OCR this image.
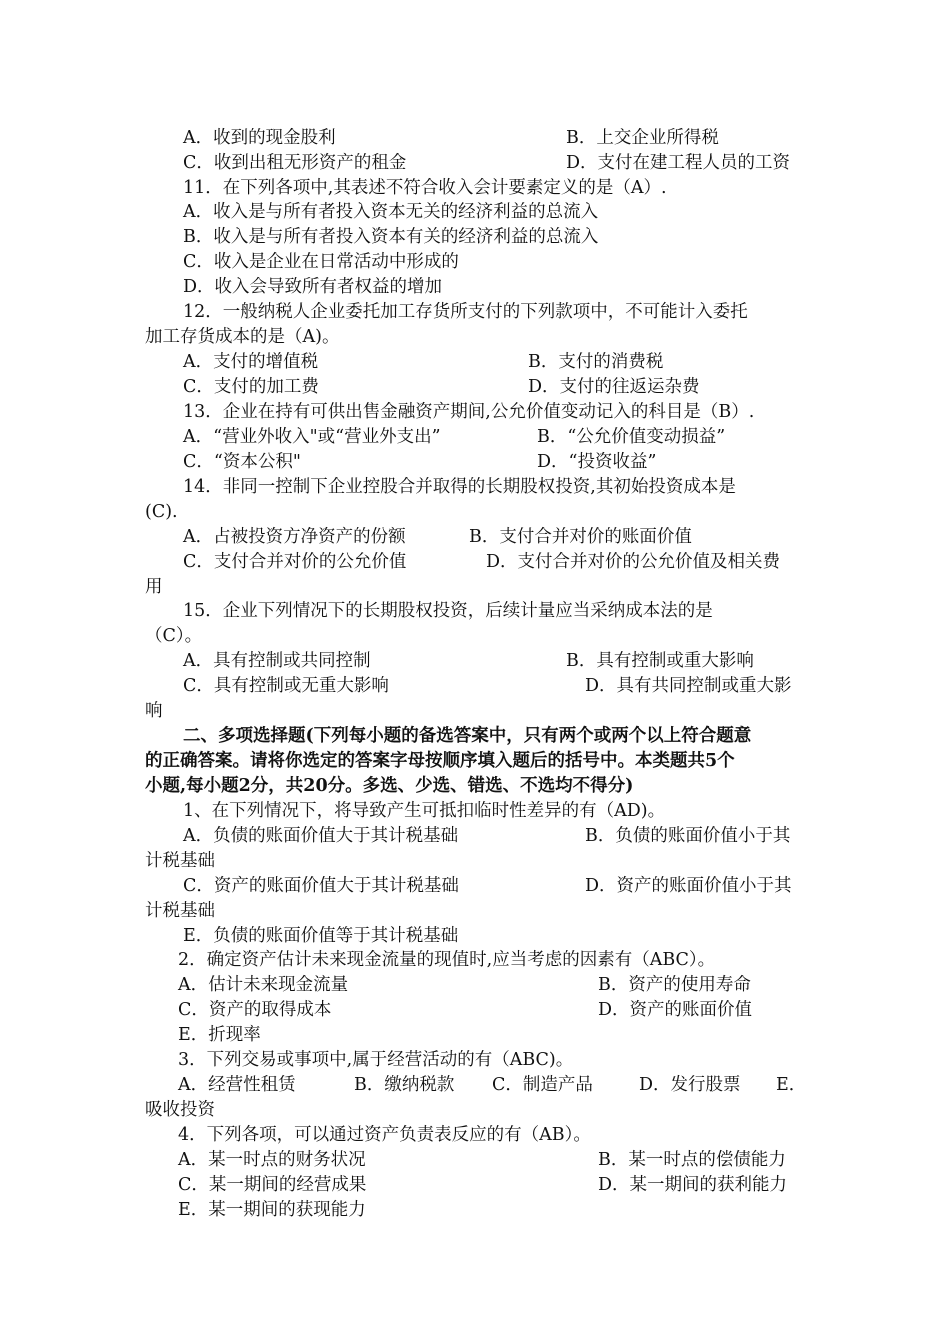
A．收到的现金股利	B．上交企业所得税
C．收到出租无形资产的租金	D．支付在建工程人员的工资
11．在下列各项中,其表述不符合收入会计要素定义的是（A）.
A．收入是与所有者投入资本无关的经济利益的总流入
B．收入是与所有者投入资本有关的经济利益的总流入
C．收入是企业在日常活动中形成的
D．收入会导致所有者权益的增加
12．一般纳税人企业委托加工存货所支付的下列款项中，不可能计入委托
加工存货成本的是（A)。
A．支付的增值税	B．支付的消费税
C．支付的加工费	D．支付的往返运杂费
13．企业在持有可供出售金融资产期间,公允价值变动记入的科目是（B）.
A．“营业外收入"或“营业外支出”	B．“公允价值变动损益”
C．“资本公积"	D．“投资收益”
14．非同一控制下企业控股合并取得的长期股权投资,其初始投资成本是
(C).
A．占被投资方净资产的份额	B．支付合并对价的账面价值
C．支付合并对价的公允价值	D．支付合并对价的公允价值及相关费
用
15．企业下列情况下的长期股权投资，后续计量应当采纳成本法的是
（C）。
A．具有控制或共同控制	B．具有控制或重大影响
C．具有控制或无重大影响	D．具有共同控制或重大影
响
二、多项选择题(下列每小题的备选答案中，只有两个或两个以上符合题意
的正确答案。请将你选定的答案字母按顺序填入题后的括号中。本类题共5个
小题,每小题2分，共20分。多选、少选、错选、不选均不得分)
1、在下列情况下，将导致产生可抵扣临时性差异的有（AD)。
A．负债的账面价值大于其计税基础	B．负债的账面价值小于其
计税基础
C．资产的账面价值大于其计税基础	D．资产的账面价值小于其
计税基础
E．负债的账面价值等于其计税基础
2．确定资产估计未来现金流量的现值时,应当考虑的因素有（ABC）。
A．估计未来现金流量	B．资产的使用寿命
C．资产的取得成本	D．资产的账面价值
E．折现率
3．下列交易或事项中,属于经营活动的有（ABC)。
A．经营性租赁	B．缴纳税款 C．制造产品	D．发行股票 E．
吸收投资
4．下列各项，可以通过资产负责表反应的有（AB）。
A．某一时点的财务状况	B．某一时点的偿债能力
C．某一期间的经营成果	D．某一期间的获利能力
E．某一期间的获现能力
